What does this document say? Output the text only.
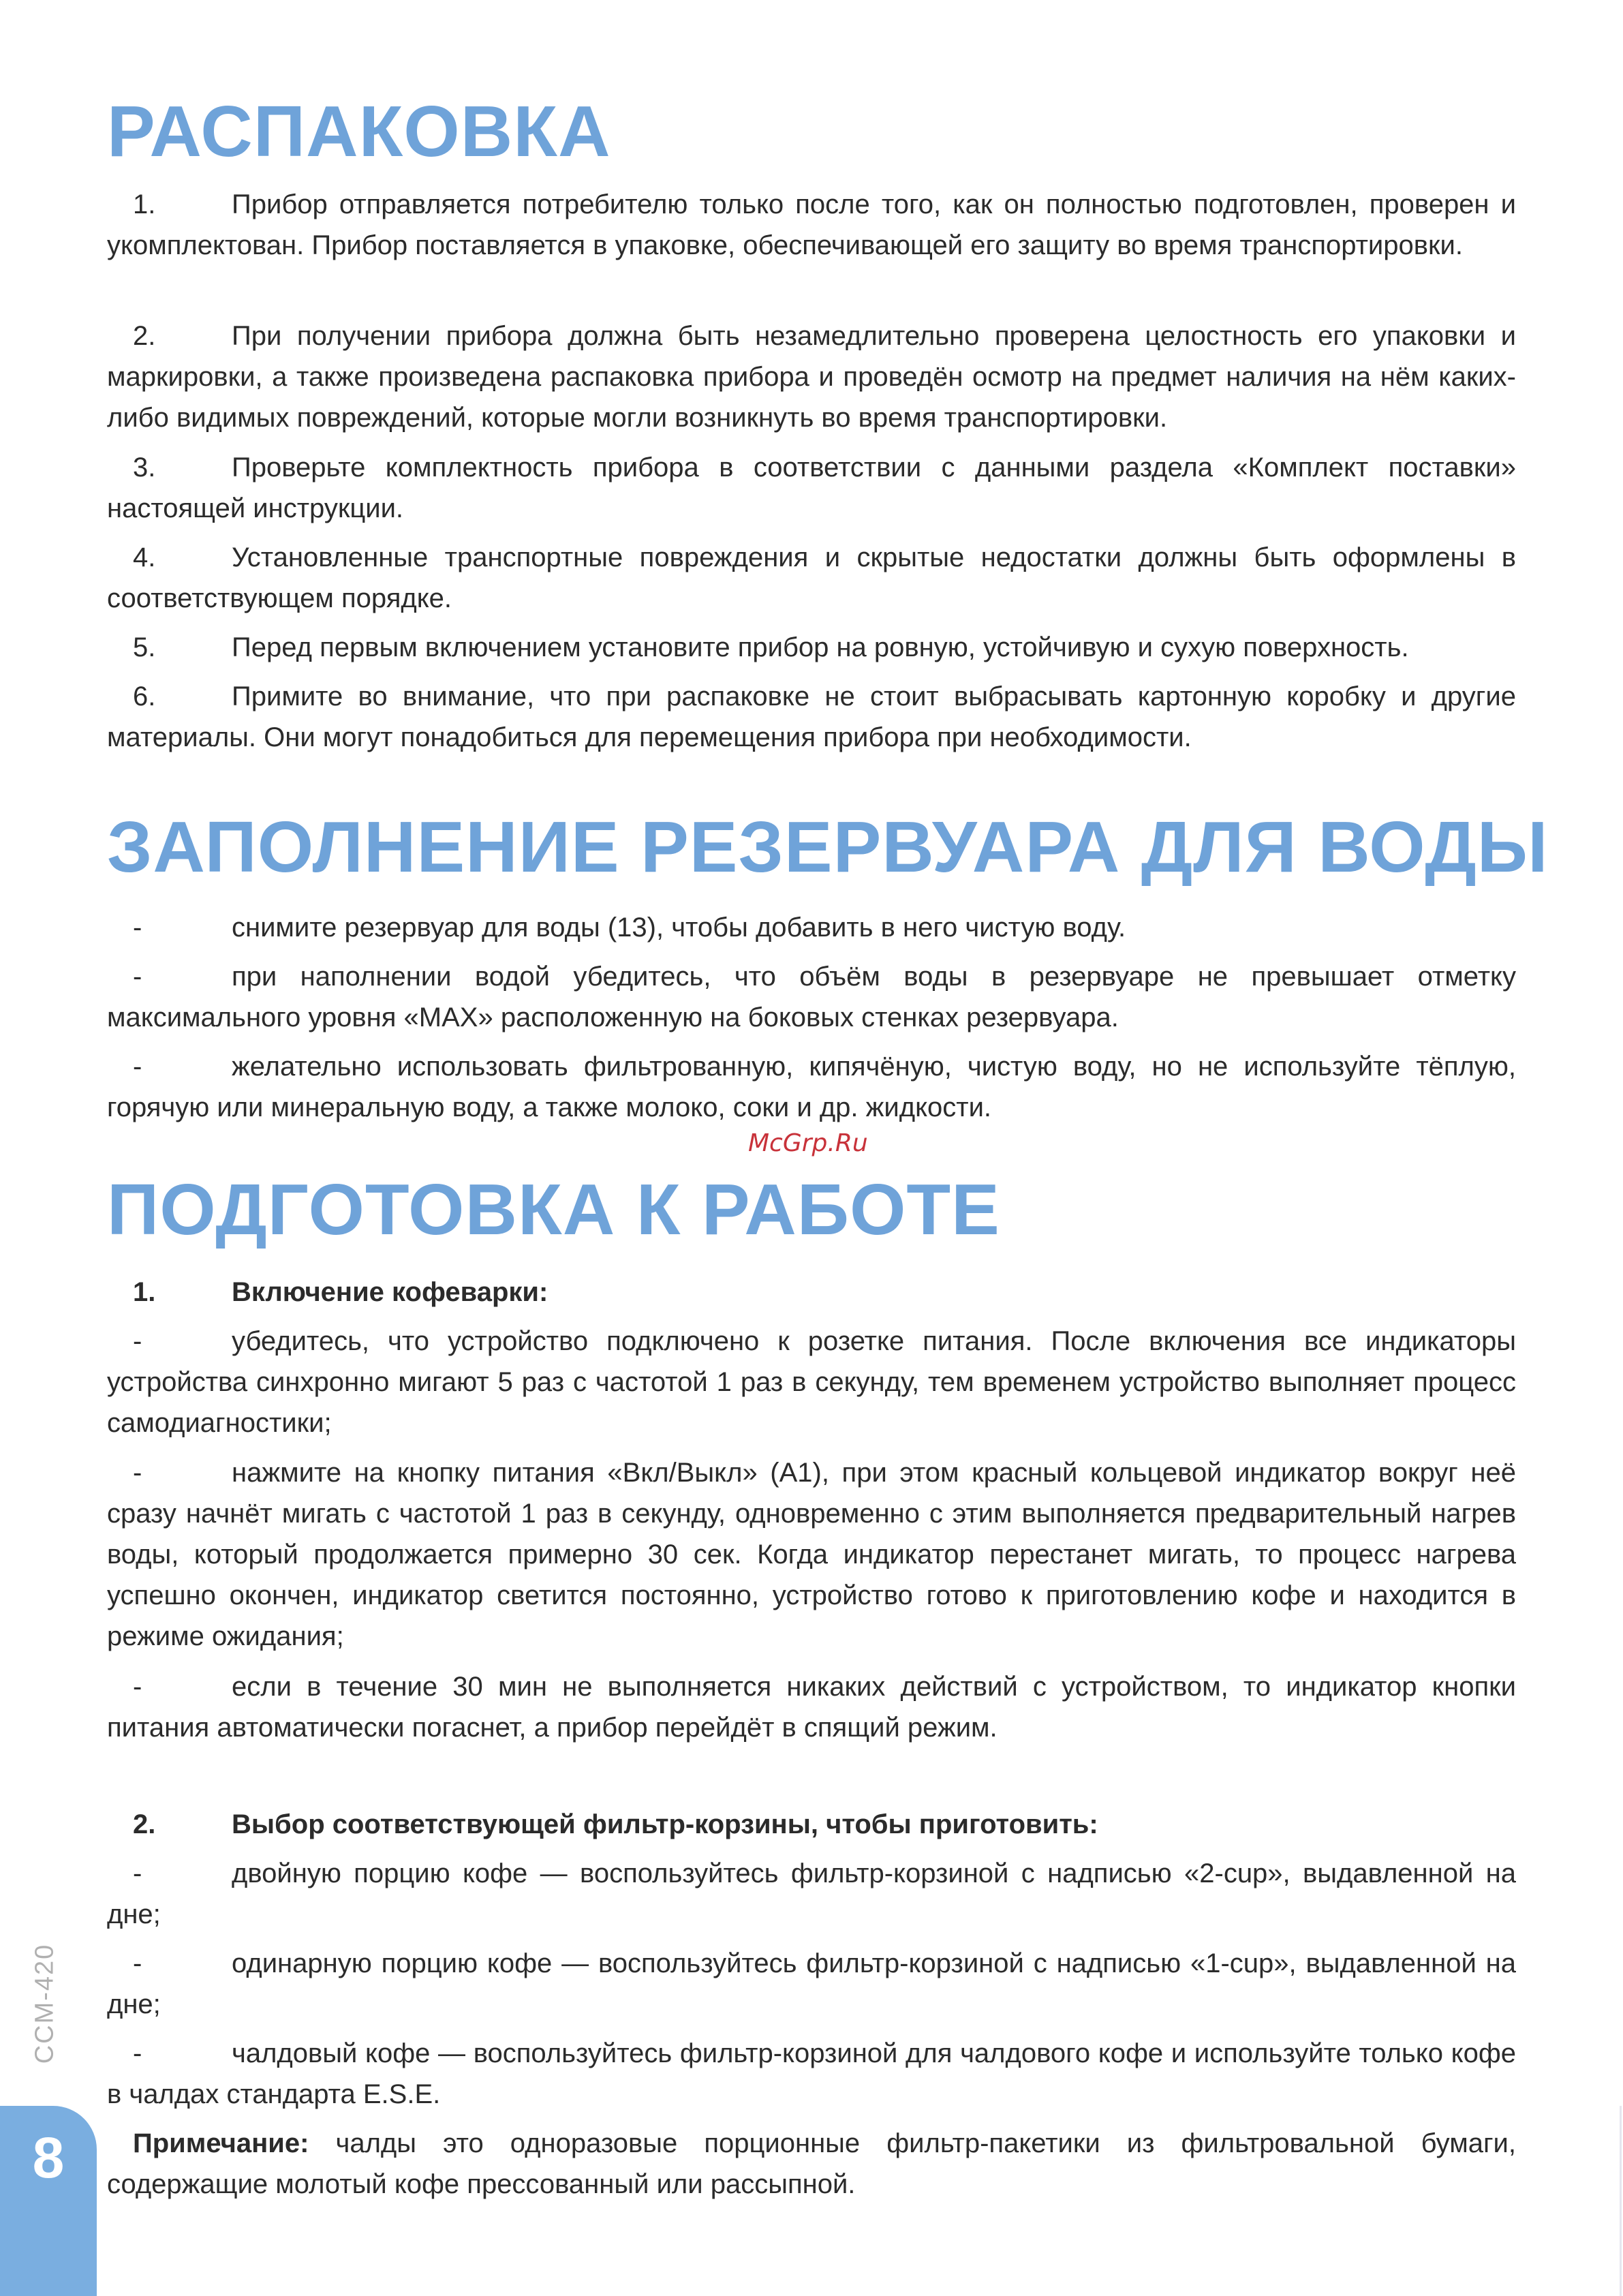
РАСПАКОВКА

1.	Прибор отправляется потребителю только после того, как он полностью подготовлен, проверен и укомплектован. Прибор поставляется в упаковке, обеспечивающей его защиту во время транспортировки.

2.	При получении прибора должна быть незамедлительно проверена целостность его упаковки и маркировки, а также произведена распаковка прибора и проведён осмотр на предмет наличия на нём каких-либо видимых повреждений, которые могли возникнуть во время транспортировки.

3.	Проверьте комплектность прибора в соответствии с данными раздела «Комплект поставки» настоящей инструкции.

4.	Установленные транспортные повреждения и скрытые недостатки должны быть оформлены в соответствующем порядке.

5.	Перед первым включением установите прибор на ровную, устойчивую и сухую поверхность.

6.	Примите во внимание, что при распаковке не стоит выбрасывать картонную коробку и другие материалы. Они могут понадобиться для перемещения прибора при необходимости.

ЗАПОЛНЕНИЕ РЕЗЕРВУАРА ДЛЯ ВОДЫ

-	снимите резервуар для воды (13), чтобы добавить в него чистую воду.

-	при наполнении водой убедитесь, что объём воды в резервуаре не превышает отметку максимального уровня «MAX» расположенную на боковых стенках резервуара.

-	желательно использовать фильтрованную, кипячёную, чистую воду, но не используйте тёплую, горячую или минеральную воду, а также молоко, соки и др. жидкости.

McGrp.Ru
ПОДГОТОВКА К РАБОТЕ

1.	Включение кофеварки:

-	убедитесь, что устройство подключено к розетке питания. После включения все индикаторы устройства синхронно мигают 5 раз с частотой 1 раз в секунду, тем временем устройство выполняет процесс самодиагностики;

-	нажмите на кнопку питания «Вкл/Выкл» (A1), при этом красный кольцевой индикатор вокруг неё сразу начнёт мигать с частотой 1 раз в секунду, одновременно с этим выполняется предварительный нагрев воды, который продолжается примерно 30 сек. Когда индикатор перестанет мигать, то процесс нагрева успешно окончен, индикатор светится постоянно, устройство готово к приготовлению кофе и находится в режиме ожидания;

-	если в течение 30 мин не выполняется никаких действий с устройством, то индикатор кнопки питания автоматически погаснет, а прибор перейдёт в спящий режим.

2.	Выбор соответствующей фильтр-корзины, чтобы приготовить:

-	двойную порцию кофе — воспользуйтесь фильтр-корзиной с надписью «2-cup», выдавленной на дне;

-	одинарную порцию кофе — воспользуйтесь фильтр-корзиной с надписью «1-cup», выдавленной на дне;

-	чалдовый кофе — воспользуйтесь фильтр-корзиной для чалдового кофе и используйте только кофе в чалдах стандарта E.S.E.

Примечание: чалды это одноразовые порционные фильтр-пакетики из фильтровальной бумаги, содержащие молотый кофе прессованный или рассыпной.

CCM-420
8
